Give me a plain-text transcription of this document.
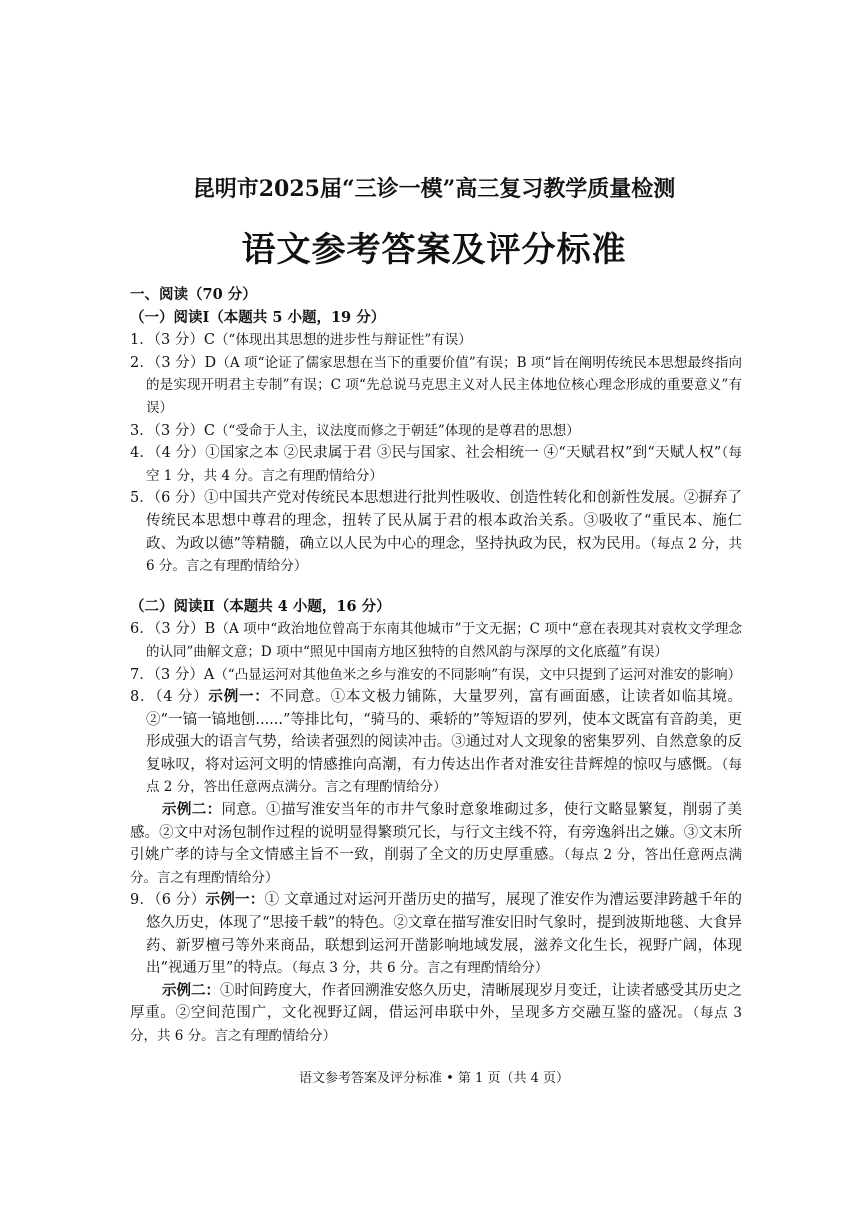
昆明市2025届“三诊一模”高三复习教学质量检测
语文参考答案及评分标准
一、阅读（70 分）
（一）阅读Ⅰ（本题共 5 小题，19 分）
1．（3 分）C（“体现出其思想的进步性与辩证性”有误）
2．（3 分）D（A 项“论证了儒家思想在当下的重要价值”有误；B 项“旨在阐明传统民本思想最终指向的是实现开明君主专制”有误；C 项“先总说马克思主义对人民主体地位核心理念形成的重要意义”有误）
3．（3 分）C（“受命于人主，议法度而修之于朝廷”体现的是尊君的思想）
4．（4 分）①国家之本 ②民隶属于君 ③民与国家、社会相统一 ④“天赋君权”到“天赋人权”（每空 1 分，共 4 分。言之有理酌情给分）
5．（6 分）①中国共产党对传统民本思想进行批判性吸收、创造性转化和创新性发展。②摒弃了传统民本思想中尊君的理念，扭转了民从属于君的根本政治关系。③吸收了“重民本、施仁政、为政以德”等精髓，确立以人民为中心的理念，坚持执政为民，权为民用。（每点 2 分，共 6 分。言之有理酌情给分）
（二）阅读Ⅱ（本题共 4 小题，16 分）
6．（3 分）B（A 项中“政治地位曾高于东南其他城市”于文无据；C 项中“意在表现其对袁枚文学理念的认同”曲解文意；D 项中“照见中国南方地区独特的自然风韵与深厚的文化底蕴”有误）
7．（3 分）A（“凸显运河对其他鱼米之乡与淮安的不同影响”有误，文中只提到了运河对淮安的影响）
8．（4 分）示例一：不同意。①本文极力铺陈，大量罗列，富有画面感，让读者如临其境。②“一镐一镐地刨......”等排比句，“骑马的、乘轿的”等短语的罗列，使本文既富有音韵美，更形成强大的语言气势，给读者强烈的阅读冲击。③通过对人文现象的密集罗列、自然意象的反复咏叹，将对运河文明的情感推向高潮，有力传达出作者对淮安往昔辉煌的惊叹与感慨。（每点 2 分，答出任意两点满分。言之有理酌情给分）
示例二：同意。①描写淮安当年的市井气象时意象堆砌过多，使行文略显繁复，削弱了美感。②文中对汤包制作过程的说明显得繁琐冗长，与行文主线不符，有旁逸斜出之嫌。③文末所引姚广孝的诗与全文情感主旨不一致，削弱了全文的历史厚重感。（每点 2 分，答出任意两点满分。言之有理酌情给分）
9．（6 分）示例一：① 文章通过对运河开凿历史的描写，展现了淮安作为漕运要津跨越千年的悠久历史，体现了“思接千载”的特色。②文章在描写淮安旧时气象时，提到波斯地毯、大食异药、新罗檀弓等外来商品，联想到运河开凿影响地域发展，滋养文化生长，视野广阔，体现出“视通万里”的特点。（每点 3 分，共 6 分。言之有理酌情给分）
示例二：①时间跨度大，作者回溯淮安悠久历史，清晰展现岁月变迁，让读者感受其历史之厚重。②空间范围广，文化视野辽阔，借运河串联中外，呈现多方交融互鉴的盛况。（每点 3 分，共 6 分。言之有理酌情给分）
语文参考答案及评分标准 • 第 1 页（共 4 页）
